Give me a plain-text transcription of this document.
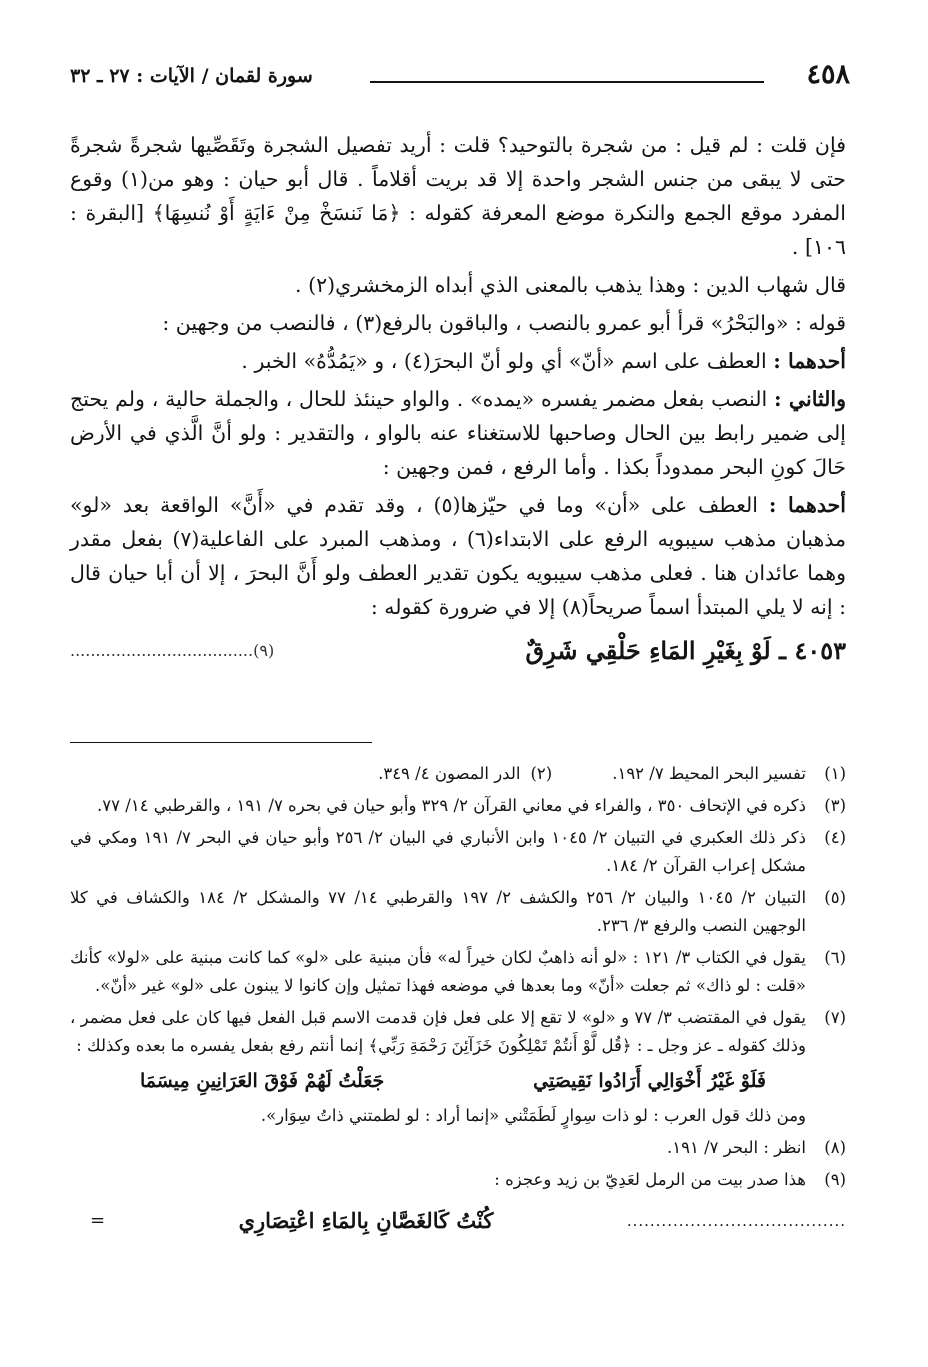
٤٥٨
سورة لقمان / الآيات : ٢٧ ـ ٣٢

فإن قلت : لم قيل : من شجرة بالتوحيد؟ قلت : أريد تفصيل الشجرة وتَقَصِّيها شجرةً شجرةً حتى لا يبقى من جنس الشجر واحدة إلا قد بريت أقلاماً . قال أبو حيان : وهو من(١) وقوع المفرد موقع الجمع والنكرة موضع المعرفة كقوله : ﴿مَا نَنسَخْ مِنْ ءَايَةٍ أَوْ نُنسِهَا﴾ [البقرة : ١٠٦] .

قال شهاب الدين : وهذا يذهب بالمعنى الذي أبداه الزمخشري(٢) .

قوله : «والبَحْرُ» قرأ أبو عمرو بالنصب ، والباقون بالرفع(٣) ، فالنصب من وجهين :

أحدهما : العطف على اسم «أنّ» أي ولو أنّ البحرَ(٤) ، و «يَمُدُّهُ» الخبر .

والثاني : النصب بفعل مضمر يفسره «يمده» . والواو حينئذ للحال ، والجملة حالية ، ولم يحتج إلى ضمير رابط بين الحال وصاحبها للاستغناء عنه بالواو ، والتقدير : ولو أنَّ الَّذي في الأرض حَالَ كونِ البحر ممدوداً بكذا . وأما الرفع ، فمن وجهين :

أحدهما : العطف على «أن» وما في حيّزها(٥) ، وقد تقدم في «أَنَّ» الواقعة بعد «لو» مذهبان مذهب سيبويه الرفع على الابتداء(٦) ، ومذهب المبرد على الفاعلية(٧) بفعل مقدر وهما عائدان هنا . فعلى مذهب سيبويه يكون تقدير العطف ولو أَنَّ البحرَ ، إلا أن أبا حيان قال : إنه لا يلي المبتدأ اسماً صريحاً(٨) إلا في ضرورة كقوله :

٤٠٥٣ ـ لَوْ بِغَيْرِ المَاءِ حَلْقِي شَرِقٌ
(٩)....................................
(١)
تفسير البحر المحيط ٧/ ١٩٢.
(٢)
الدر المصون ٤/ ٣٤٩.
(٣)
ذكره في الإتحاف ٣٥٠ ، والفراء في معاني القرآن ٢/ ٣٢٩ وأبو حيان في بحره ٧/ ١٩١ ، والقرطبي ١٤/ ٧٧.
(٤)
ذكر ذلك العكبري في التبيان ٢/ ١٠٤٥ وابن الأنباري في البيان ٢/ ٢٥٦ وأبو حيان في البحر ٧/ ١٩١ ومكي في مشكل إعراب القرآن ٢/ ١٨٤.
(٥)
التبيان ٢/ ١٠٤٥ والبيان ٢/ ٢٥٦ والكشف ٢/ ١٩٧ والقرطبي ١٤/ ٧٧ والمشكل ٢/ ١٨٤ والكشاف في كلا الوجهين النصب والرفع ٣/ ٢٣٦.
(٦)
يقول في الكتاب ٣/ ١٢١ : «لو أنه ذاهبٌ لكان خيراً له» فأن مبنية على «لو» كما كانت مبنية على «لولا» كأنك «قلت : لو ذاك» ثم جعلت «أنّ» وما بعدها في موضعه فهذا تمثيل وإن كانوا لا يبنون على «لو» غير «أنّ».
(٧)
يقول في المقتضب ٣/ ٧٧ و «لو» لا تقع إلا على فعل فإن قدمت الاسم قبل الفعل فيها كان على فعل مضمر ، وذلك كقوله ـ عز وجل ـ : ﴿قُل لَّوْ أَنتُمْ تَمْلِكُونَ خَزَآئِنَ رَحْمَةِ رَبِّي﴾ إنما أنتم رفع بفعل يفسره ما بعده وكذلك :
فَلَوْ غَيْرُ أَخْوَالِي أَرَادُوا نَقِيصَتِي
جَعَلْتُ لَهُمْ فَوْقَ العَرَانِينِ مِيسَمَا
ومن ذلك قول العرب : لو ذات سِوارٍ لَطَمَتْني «إنما أراد : لو لطمتني ذاتُ سِوَار».
(٨)
انظر : البحر ٧/ ١٩١.
(٩)
هذا صدر بيت من الرمل لعَدِيّ بن زيد وعجزه :
......................................
كُنْتُ كَالغَصَّانِ بِالمَاءِ اعْتِصَارِي
=
